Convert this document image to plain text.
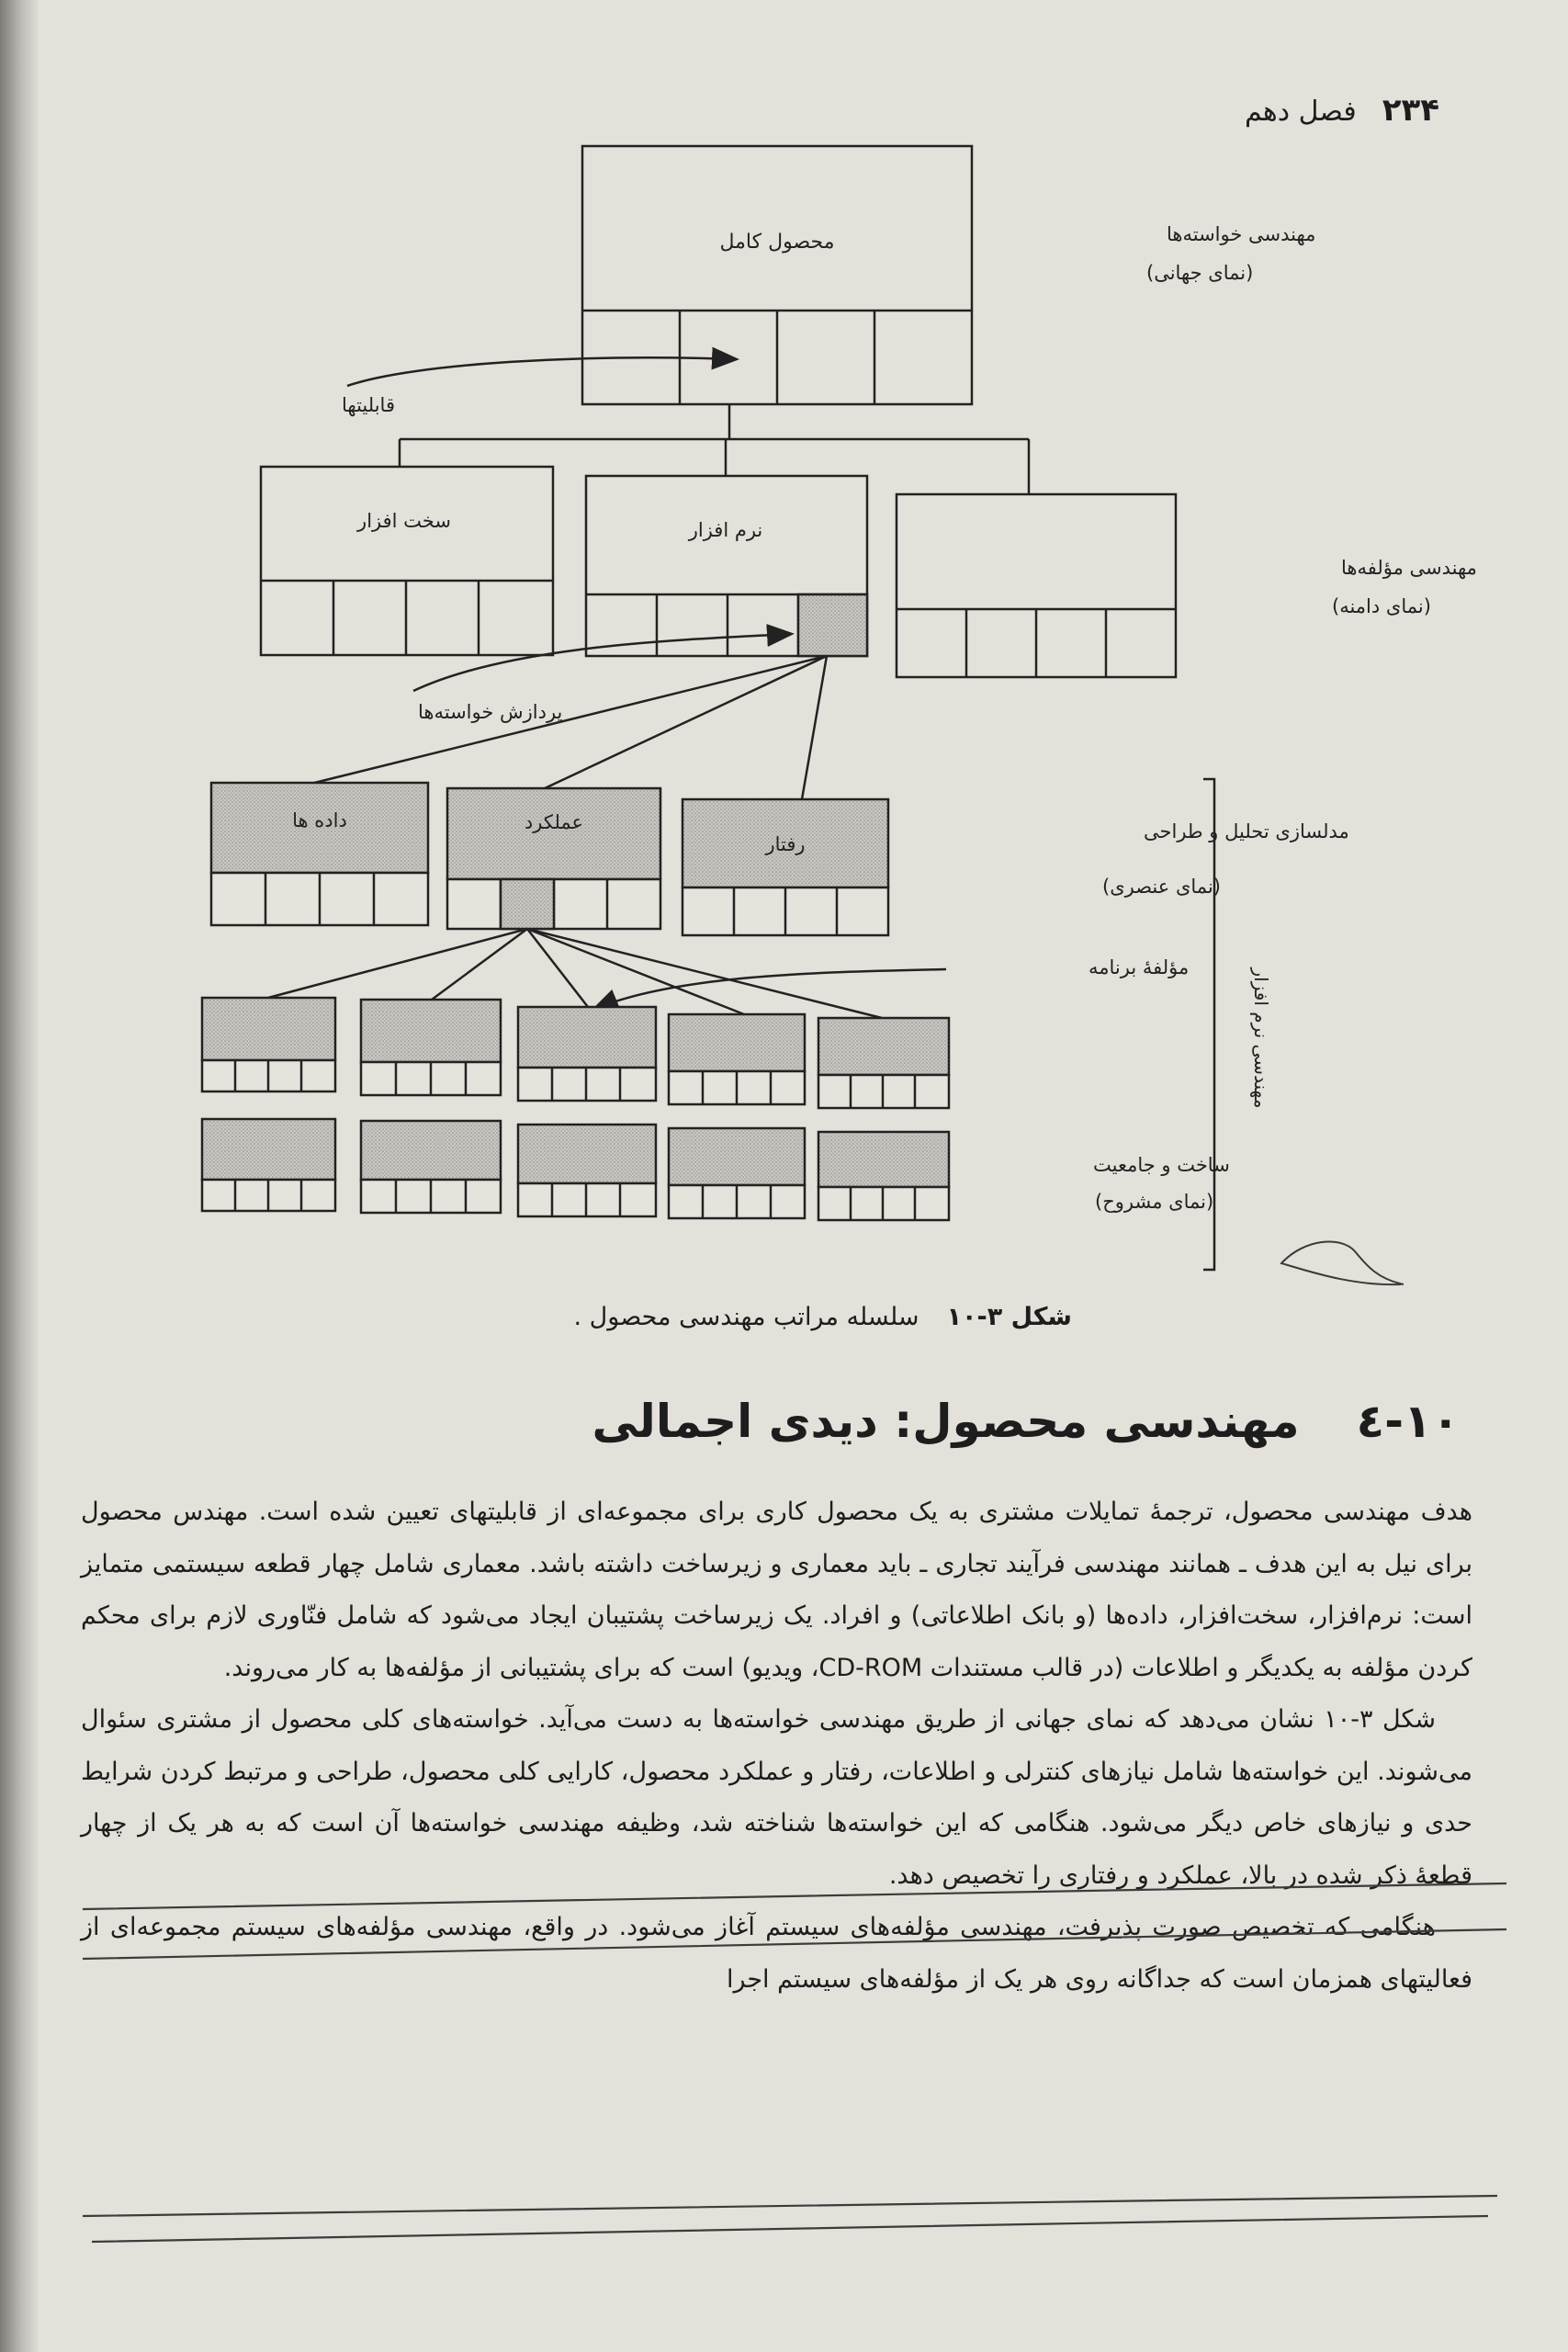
۲۳۴
فصل دهم
محصول کامل	مهندسی خواسته‌ها
(نمای جهانی)
قابلیتها
سخت افزار	نرم افزار
مهندسی مؤلفه‌ها
(نمای دامنه)
پردازش خواسته‌ها
داده ها	عملکرد
رفتار
مدلسازی تحلیل و طراحی
(نمای عنصری)
مؤلفهٔ برنامه
ساخت و جامعیت
(نمای مشروح)
مهندسی نرم افزار
شکل ۳-۱۰
سلسله مراتب مهندسی محصول .
۱۰-٤
مهندسی محصول: دیدی اجمالی

هدف مهندسی محصول، ترجمهٔ تمایلات مشتری به یک محصول کاری برای مجموعه‌ای از قابلیتهای تعیین شده است. مهندس محصول برای نیل به این هدف ـ همانند مهندسی فرآیند تجاری ـ باید معماری و زیرساخت داشته باشد. معماری شامل چهار قطعه سیستمی متمایز است: نرم‌افزار، سخت‌افزار، داده‌ها (و بانک اطلاعاتی) و افراد. یک زیرساخت پشتیبان ایجاد می‌شود که شامل فنّاوری لازم برای محکم کردن مؤلفه به یکدیگر و اطلاعات (در قالب مستندات CD-ROM، ویدیو) است که برای پشتیبانی از مؤلفه‌ها به کار می‌روند.

شکل ۳-۱۰ نشان می‌دهد که نمای جهانی از طریق مهندسی خواسته‌ها به دست می‌آید. خواسته‌های کلی محصول از مشتری سئوال می‌شوند. این خواسته‌ها شامل نیازهای کنترلی و اطلاعات، رفتار و عملکرد محصول، کارایی کلی محصول، طراحی و مرتبط کردن شرایط حدی و نیازهای خاص دیگر می‌شود. هنگامی که این خواسته‌ها شناخته شد، وظیفه مهندسی خواسته‌ها آن است که به هر یک از چهار قطعهٔ ذکر شده در بالا، عملکرد و رفتاری را تخصیص دهد.

هنگامی که تخصیص صورت پذیرفت، مهندسی مؤلفه‌های سیستم آغاز می‌شود. در واقع، مهندسی مؤلفه‌های سیستم مجموعه‌ای از فعالیتهای همزمان است که جداگانه روی هر یک از مؤلفه‌های سیستم اجرا
